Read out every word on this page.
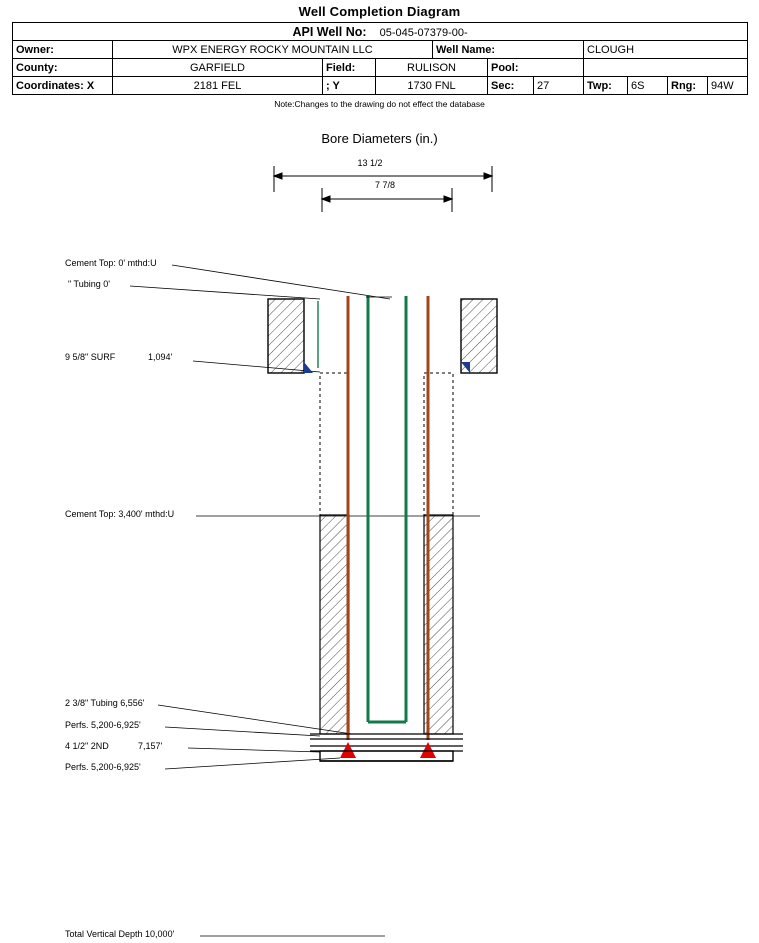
Well Completion Diagram
API Well No: 05-045-07379-00-										
Owner:	WPX ENERGY ROCKY MOUNTAIN LLC			Well Name:			CLOUGH			
County:	GARFIELD	Field:	RULISON		Pool:					
Coordinates: X	2181 FEL	; Y	1730 FNL		Sec:	27	Twp:	6S	Rng:	94W
Note:Changes to the drawing do not effect the database
Bore Diameters (in.)
13 1/2
7 7/8
Cement Top: 0' mthd:U
" Tubing 0'
9 5/8" SURF	1,094'
Cement Top: 3,400' mthd:U
2 3/8" Tubing 6,556'
Perfs. 5,200-6,925'
4 1/2" 2ND	7,157'
Perfs. 5,200-6,925'
Total Vertical Depth 10,000'
